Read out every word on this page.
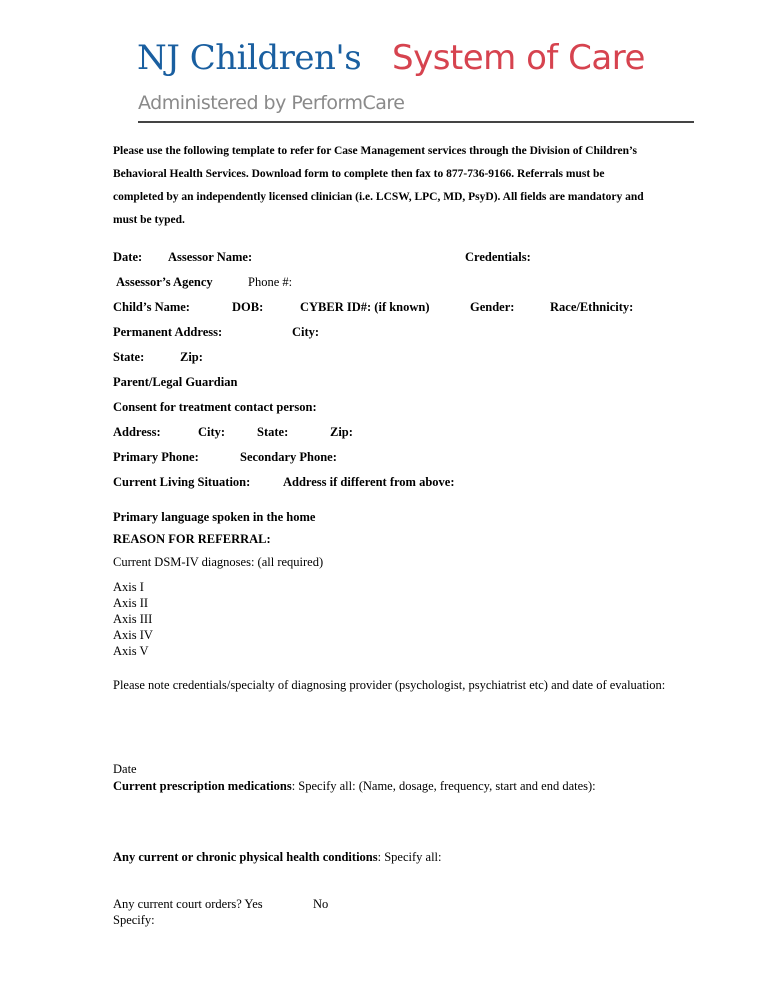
NJ Children's System of Care
Administered by PerformCare
Please use the following template to refer for Case Management services through the Division of Children’s
Behavioral Health Services. Download form to complete then fax to 877-736-9166. Referrals must be
completed by an independently licensed clinician (i.e. LCSW, LPC, MD, PsyD). All fields are mandatory and
must be typed.
Date: Assessor Name:	Credentials:
Assessor’s Agency	Phone #:
Child’s Name:	DOB:	CYBER ID#: (if known)	Gender:	Race/Ethnicity:
Permanent Address:	City:
State:	Zip:
Parent/Legal Guardian
Consent for treatment contact person:
Address:	City:	State:	Zip:
Primary Phone:	Secondary Phone:
Current Living Situation:	Address if different from above:
Primary language spoken in the home
REASON FOR REFERRAL:
Current DSM-IV diagnoses: (all required)
Axis I
Axis II
Axis III
Axis IV
Axis V
Please note credentials/specialty of diagnosing provider (psychologist, psychiatrist etc) and date of evaluation:
Date
Current prescription medications: Specify all: (Name, dosage, frequency, start and end dates):
Any current or chronic physical health conditions: Specify all:
Any current court orders? Yes	No
Specify:
